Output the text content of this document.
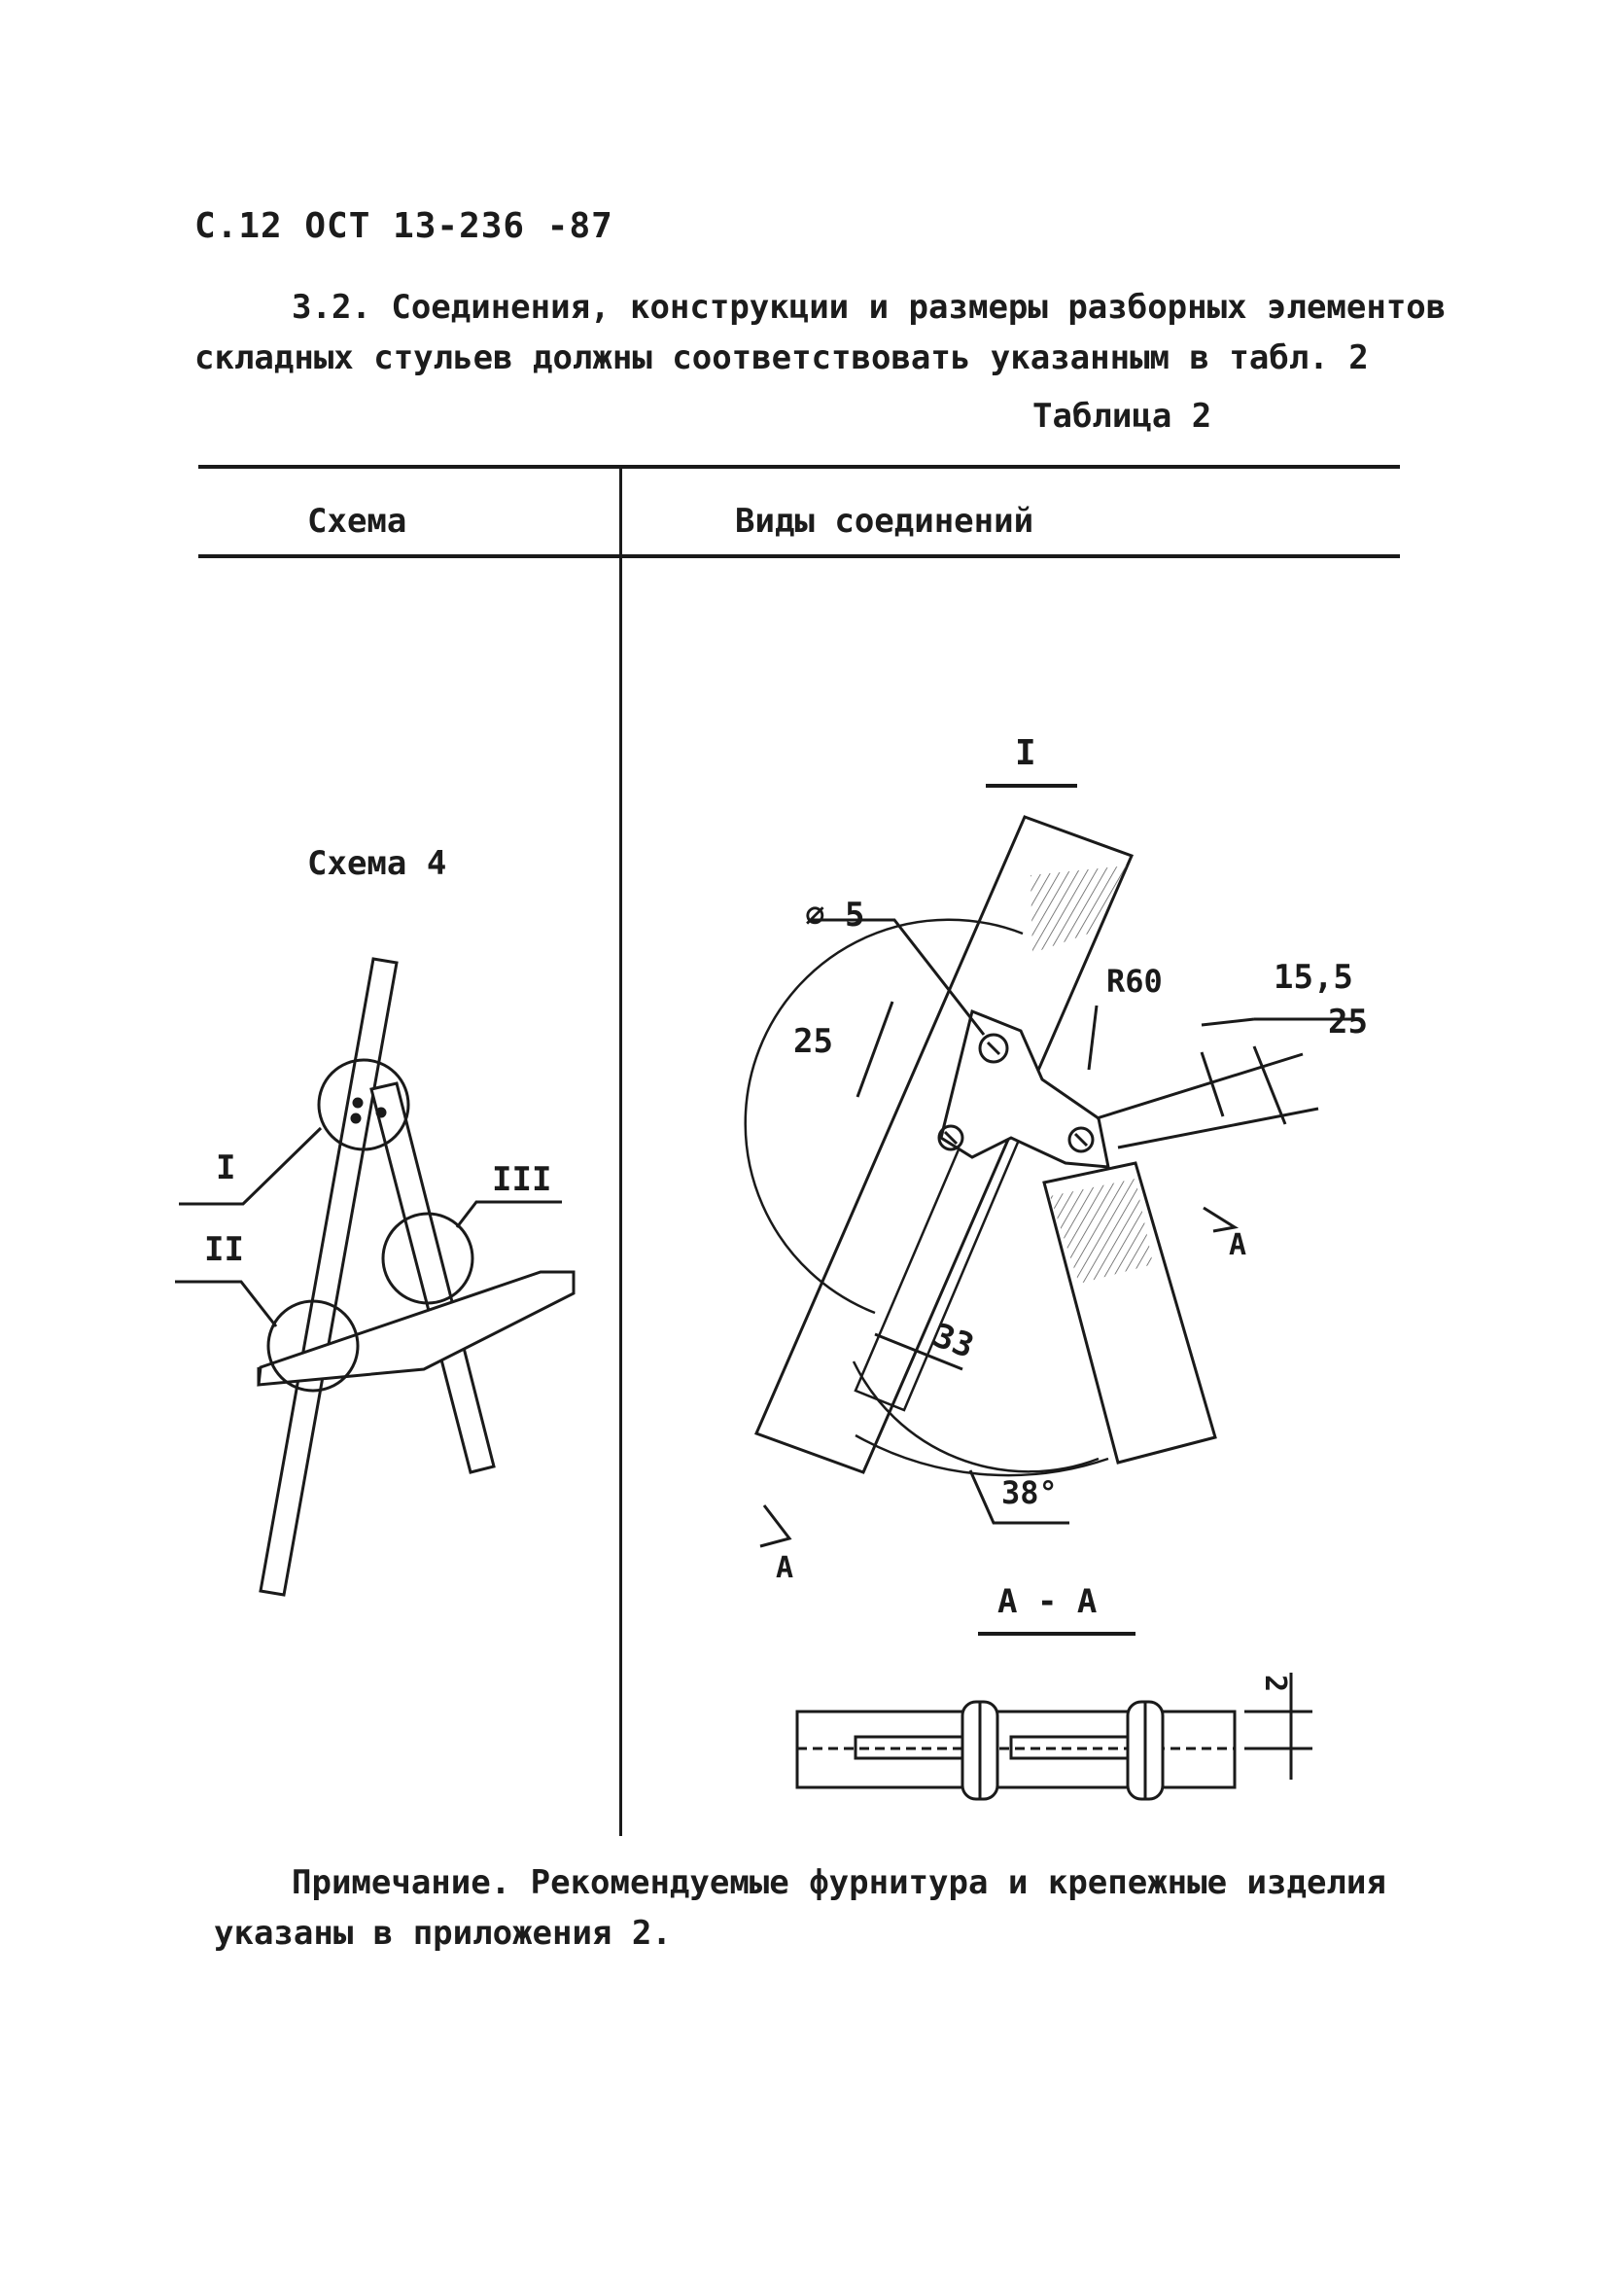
С.12 ОСТ 13-236 -87
3.2. Соединения, конструкции и размеры разборных элементов
складных стульев должны соответствовать указанным в табл. 2
Таблица 2
Схема	Виды соединений
Схема 4
I
II
III
I
⌀ 5
R60	15,5
25
25
33
38°
A
A
А - А
2
Примечание. Рекомендуемые фурнитура и крепежные изделия
указаны в приложения 2.
